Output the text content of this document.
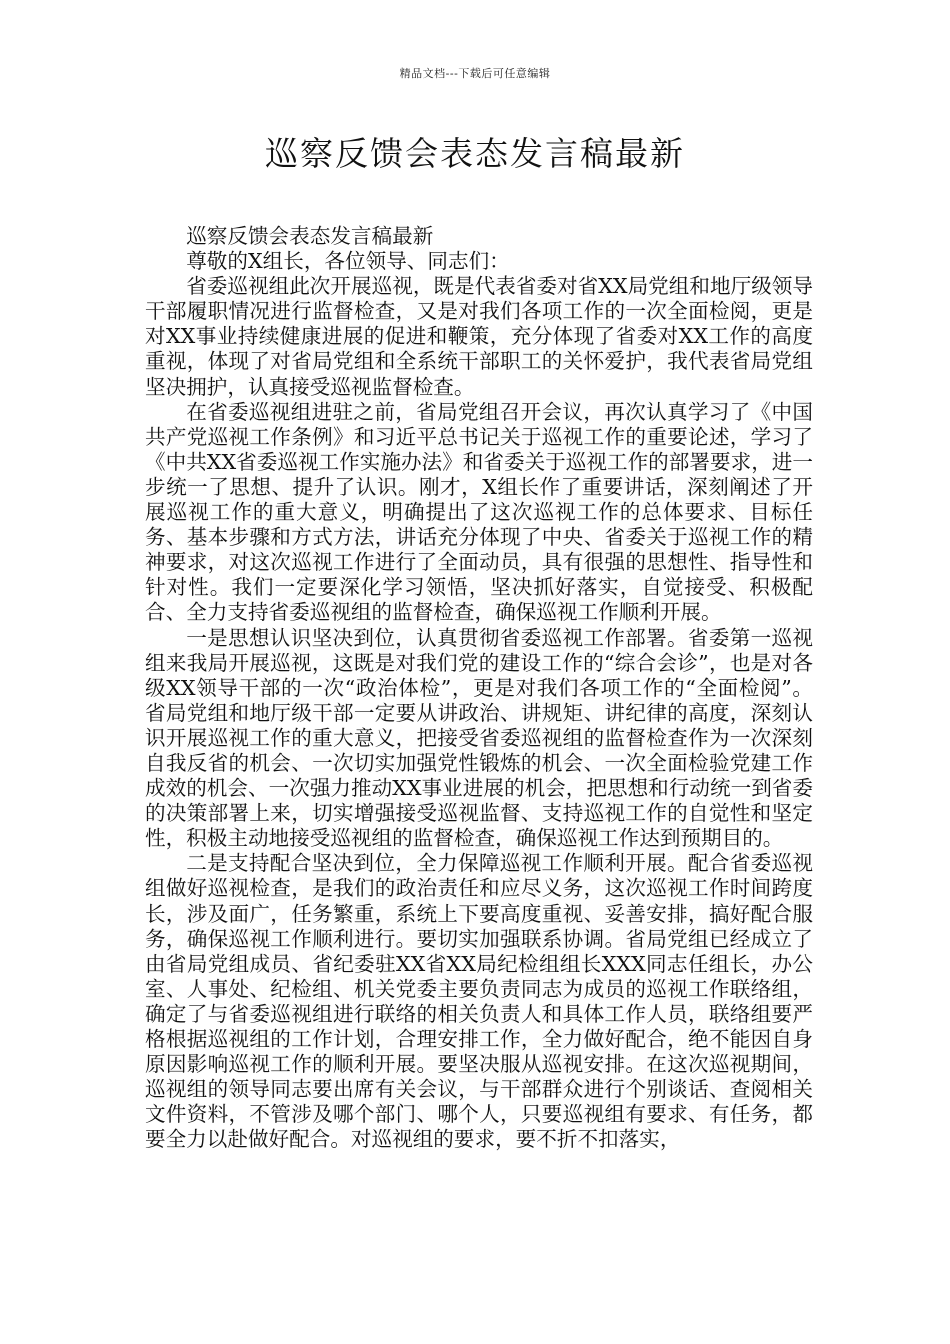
精品文档---下载后可任意编辑
巡察反馈会表态发言稿最新

巡察反馈会表态发言稿最新

尊敬的X组长，各位领导、同志们：

省委巡视组此次开展巡视，既是代表省委对省XX局党组和地厅级领导干部履职情况进行监督检查，又是对我们各项工作的一次全面检阅，更是对XX事业持续健康进展的促进和鞭策，充分体现了省委对XX工作的高度重视，体现了对省局党组和全系统干部职工的关怀爱护，我代表省局党组坚决拥护，认真接受巡视监督检查。

在省委巡视组进驻之前，省局党组召开会议，再次认真学习了《中国共产党巡视工作条例》和习近平总书记关于巡视工作的重要论述，学习了《中共XX省委巡视工作实施办法》和省委关于巡视工作的部署要求，进一步统一了思想、提升了认识。刚才，X组长作了重要讲话，深刻阐述了开展巡视工作的重大意义，明确提出了这次巡视工作的总体要求、目标任务、基本步骤和方式方法，讲话充分体现了中央、省委关于巡视工作的精神要求，对这次巡视工作进行了全面动员，具有很强的思想性、指导性和针对性。我们一定要深化学习领悟，坚决抓好落实，自觉接受、积极配合、全力支持省委巡视组的监督检查，确保巡视工作顺利开展。

一是思想认识坚决到位，认真贯彻省委巡视工作部署。省委第一巡视组来我局开展巡视，这既是对我们党的建设工作的“综合会诊”，也是对各级XX领导干部的一次“政治体检”，更是对我们各项工作的“全面检阅”。省局党组和地厅级干部一定要从讲政治、讲规矩、讲纪律的高度，深刻认识开展巡视工作的重大意义，把接受省委巡视组的监督检查作为一次深刻自我反省的机会、一次切实加强党性锻炼的机会、一次全面检验党建工作成效的机会、一次强力推动XX事业进展的机会，把思想和行动统一到省委的决策部署上来，切实增强接受巡视监督、支持巡视工作的自觉性和坚定性，积极主动地接受巡视组的监督检查，确保巡视工作达到预期目的。

二是支持配合坚决到位，全力保障巡视工作顺利开展。配合省委巡视组做好巡视检查，是我们的政治责任和应尽义务，这次巡视工作时间跨度长，涉及面广，任务繁重，系统上下要高度重视、妥善安排，搞好配合服务，确保巡视工作顺利进行。要切实加强联系协调。省局党组已经成立了由省局党组成员、省纪委驻XX省XX局纪检组组长XXX同志任组长，办公室、人事处、纪检组、机关党委主要负责同志为成员的巡视工作联络组，确定了与省委巡视组进行联络的相关负责人和具体工作人员，联络组要严格根据巡视组的工作计划，合理安排工作，全力做好配合，绝不能因自身原因影响巡视工作的顺利开展。要坚决服从巡视安排。在这次巡视期间，巡视组的领导同志要出席有关会议，与干部群众进行个别谈话、查阅相关文件资料，不管涉及哪个部门、哪个人，只要巡视组有要求、有任务，都要全力以赴做好配合。对巡视组的要求，要不折不扣落实，
